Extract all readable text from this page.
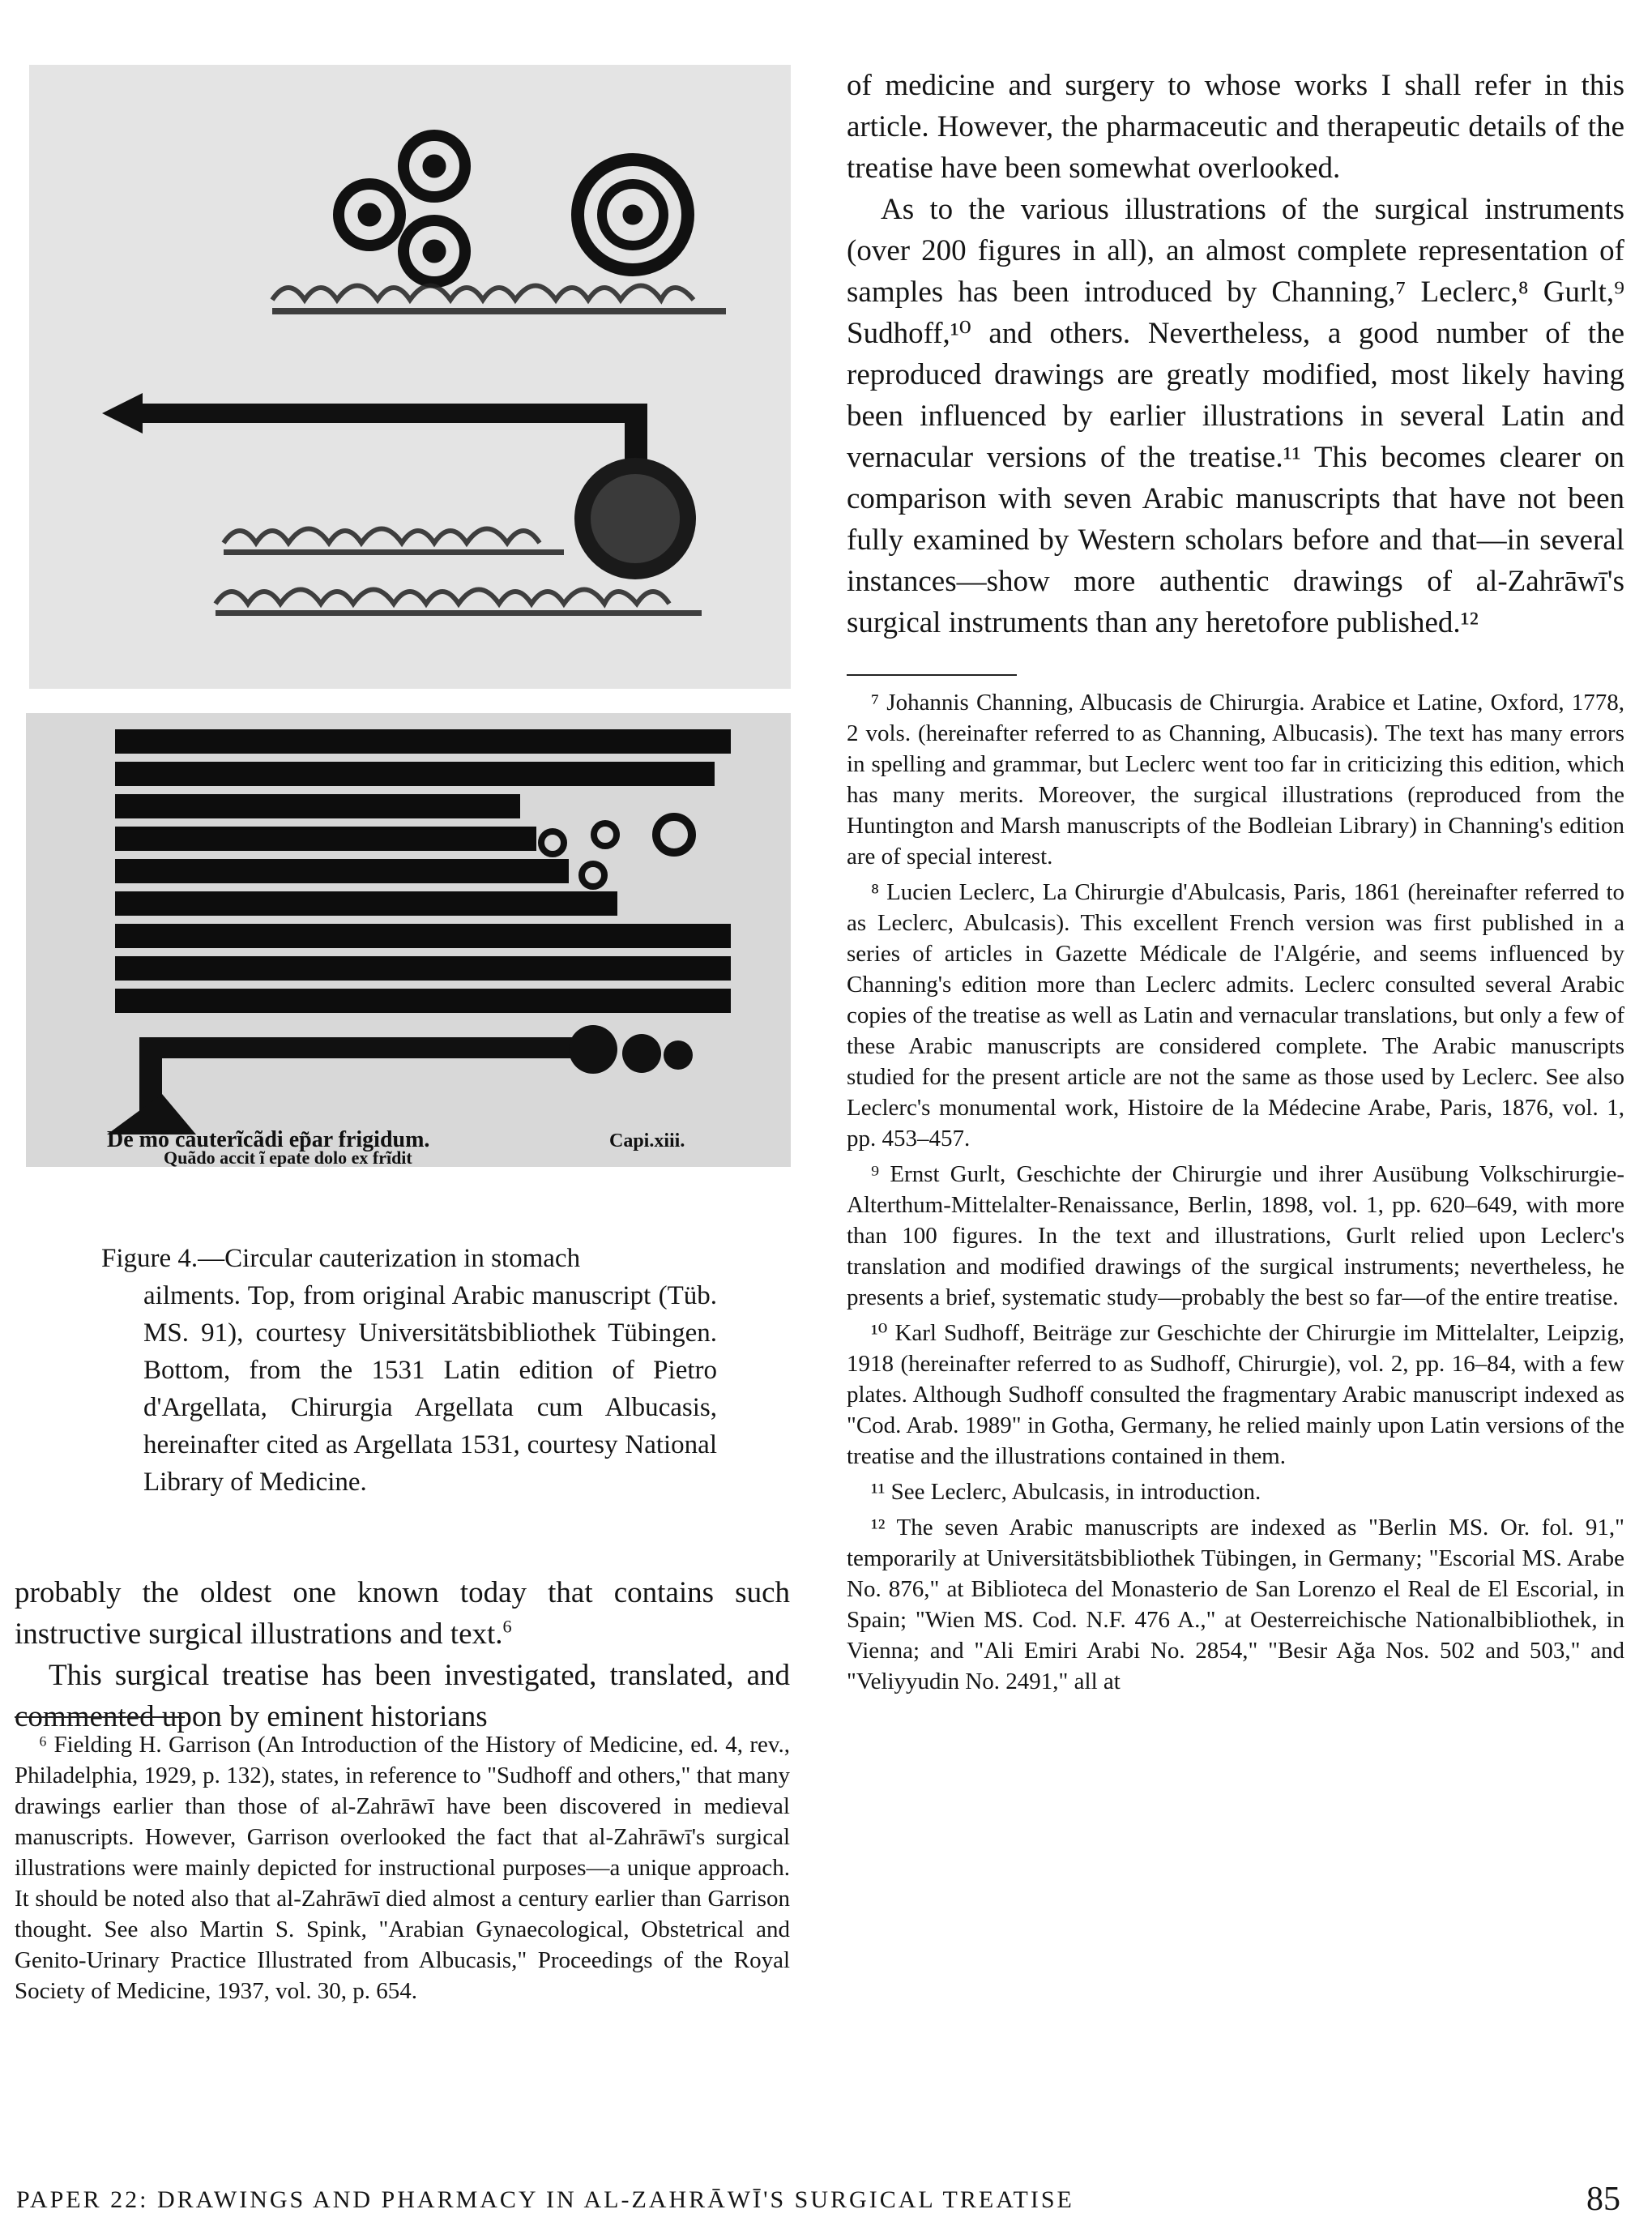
De mô cauterĩcãdi ep̃ar frigidum.
Quãdo accit ĩ epate dolo ex frĩdit
Capi.xiii.

Figure 4.—Circular cauterization in stomach

ailments. Top, from original Arabic manuscript (Tüb. MS. 91), courtesy Universitätsbibliothek Tübingen. Bottom, from the 1531 Latin edition of Pietro d'Argellata, Chirurgia Argellata cum Albucasis, hereinafter cited as Argellata 1531, courtesy National Library of Medicine.

probably the oldest one known today that contains such instructive surgical illustrations and text.$^6$

This surgical treatise has been investigated, translated, and commented upon by eminent historians

⁶ Fielding H. Garrison (An Introduction of the History of Medicine, ed. 4, rev., Philadelphia, 1929, p. 132), states, in reference to "Sudhoff and others," that many drawings earlier than those of al-Zahrāwī have been discovered in medieval manuscripts. However, Garrison overlooked the fact that al-Zahrāwī's surgical illustrations were mainly depicted for instructional purposes—a unique approach. It should be noted also that al-Zahrāwī died almost a century earlier than Garrison thought. See also Martin S. Spink, "Arabian Gynaecological, Obstetrical and Genito-Urinary Practice Illustrated from Albucasis," Proceedings of the Royal Society of Medicine, 1937, vol. 30, p. 654.

of medicine and surgery to whose works I shall refer in this article. However, the pharmaceutic and therapeutic details of the treatise have been somewhat overlooked.

As to the various illustrations of the surgical instruments (over 200 figures in all), an almost complete representation of samples has been introduced by Channing,⁷ Leclerc,⁸ Gurlt,⁹ Sudhoff,¹⁰ and others. Nevertheless, a good number of the reproduced drawings are greatly modified, most likely having been influenced by earlier illustrations in several Latin and vernacular versions of the treatise.¹¹ This becomes clearer on comparison with seven Arabic manuscripts that have not been fully examined by Western scholars before and that—in several instances—show more authentic drawings of al-Zahrāwī's surgical instruments than any heretofore published.¹²

⁷ Johannis Channing, Albucasis de Chirurgia. Arabice et Latine, Oxford, 1778, 2 vols. (hereinafter referred to as Channing, Albucasis). The text has many errors in spelling and grammar, but Leclerc went too far in criticizing this edition, which has many merits. Moreover, the surgical illustrations (reproduced from the Huntington and Marsh manuscripts of the Bodleian Library) in Channing's edition are of special interest.

⁸ Lucien Leclerc, La Chirurgie d'Abulcasis, Paris, 1861 (hereinafter referred to as Leclerc, Abulcasis). This excellent French version was first published in a series of articles in Gazette Médicale de l'Algérie, and seems influenced by Channing's edition more than Leclerc admits. Leclerc consulted several Arabic copies of the treatise as well as Latin and vernacular translations, but only a few of these Arabic manuscripts are considered complete. The Arabic manuscripts studied for the present article are not the same as those used by Leclerc. See also Leclerc's monumental work, Histoire de la Médecine Arabe, Paris, 1876, vol. 1, pp. 453–457.

⁹ Ernst Gurlt, Geschichte der Chirurgie und ihrer Ausübung Volkschirurgie-Alterthum-Mittelalter-Renaissance, Berlin, 1898, vol. 1, pp. 620–649, with more than 100 figures. In the text and illustrations, Gurlt relied upon Leclerc's translation and modified drawings of the surgical instruments; nevertheless, he presents a brief, systematic study—probably the best so far—of the entire treatise.

¹⁰ Karl Sudhoff, Beiträge zur Geschichte der Chirurgie im Mittelalter, Leipzig, 1918 (hereinafter referred to as Sudhoff, Chirurgie), vol. 2, pp. 16–84, with a few plates. Although Sudhoff consulted the fragmentary Arabic manuscript indexed as "Cod. Arab. 1989" in Gotha, Germany, he relied mainly upon Latin versions of the treatise and the illustrations contained in them.

¹¹ See Leclerc, Abulcasis, in introduction.

¹² The seven Arabic manuscripts are indexed as "Berlin MS. Or. fol. 91," temporarily at Universitätsbibliothek Tübingen, in Germany; "Escorial MS. Arabe No. 876," at Biblioteca del Monasterio de San Lorenzo el Real de El Escorial, in Spain; "Wien MS. Cod. N.F. 476 A.," at Oesterreichische Nationalbibliothek, in Vienna; and "Ali Emiri Arabi No. 2854," "Besir Ağa Nos. 502 and 503," and "Veliyyudin No. 2491," all at

PAPER 22: DRAWINGS AND PHARMACY IN AL-ZAHRĀWĪ'S SURGICAL TREATISE	85
